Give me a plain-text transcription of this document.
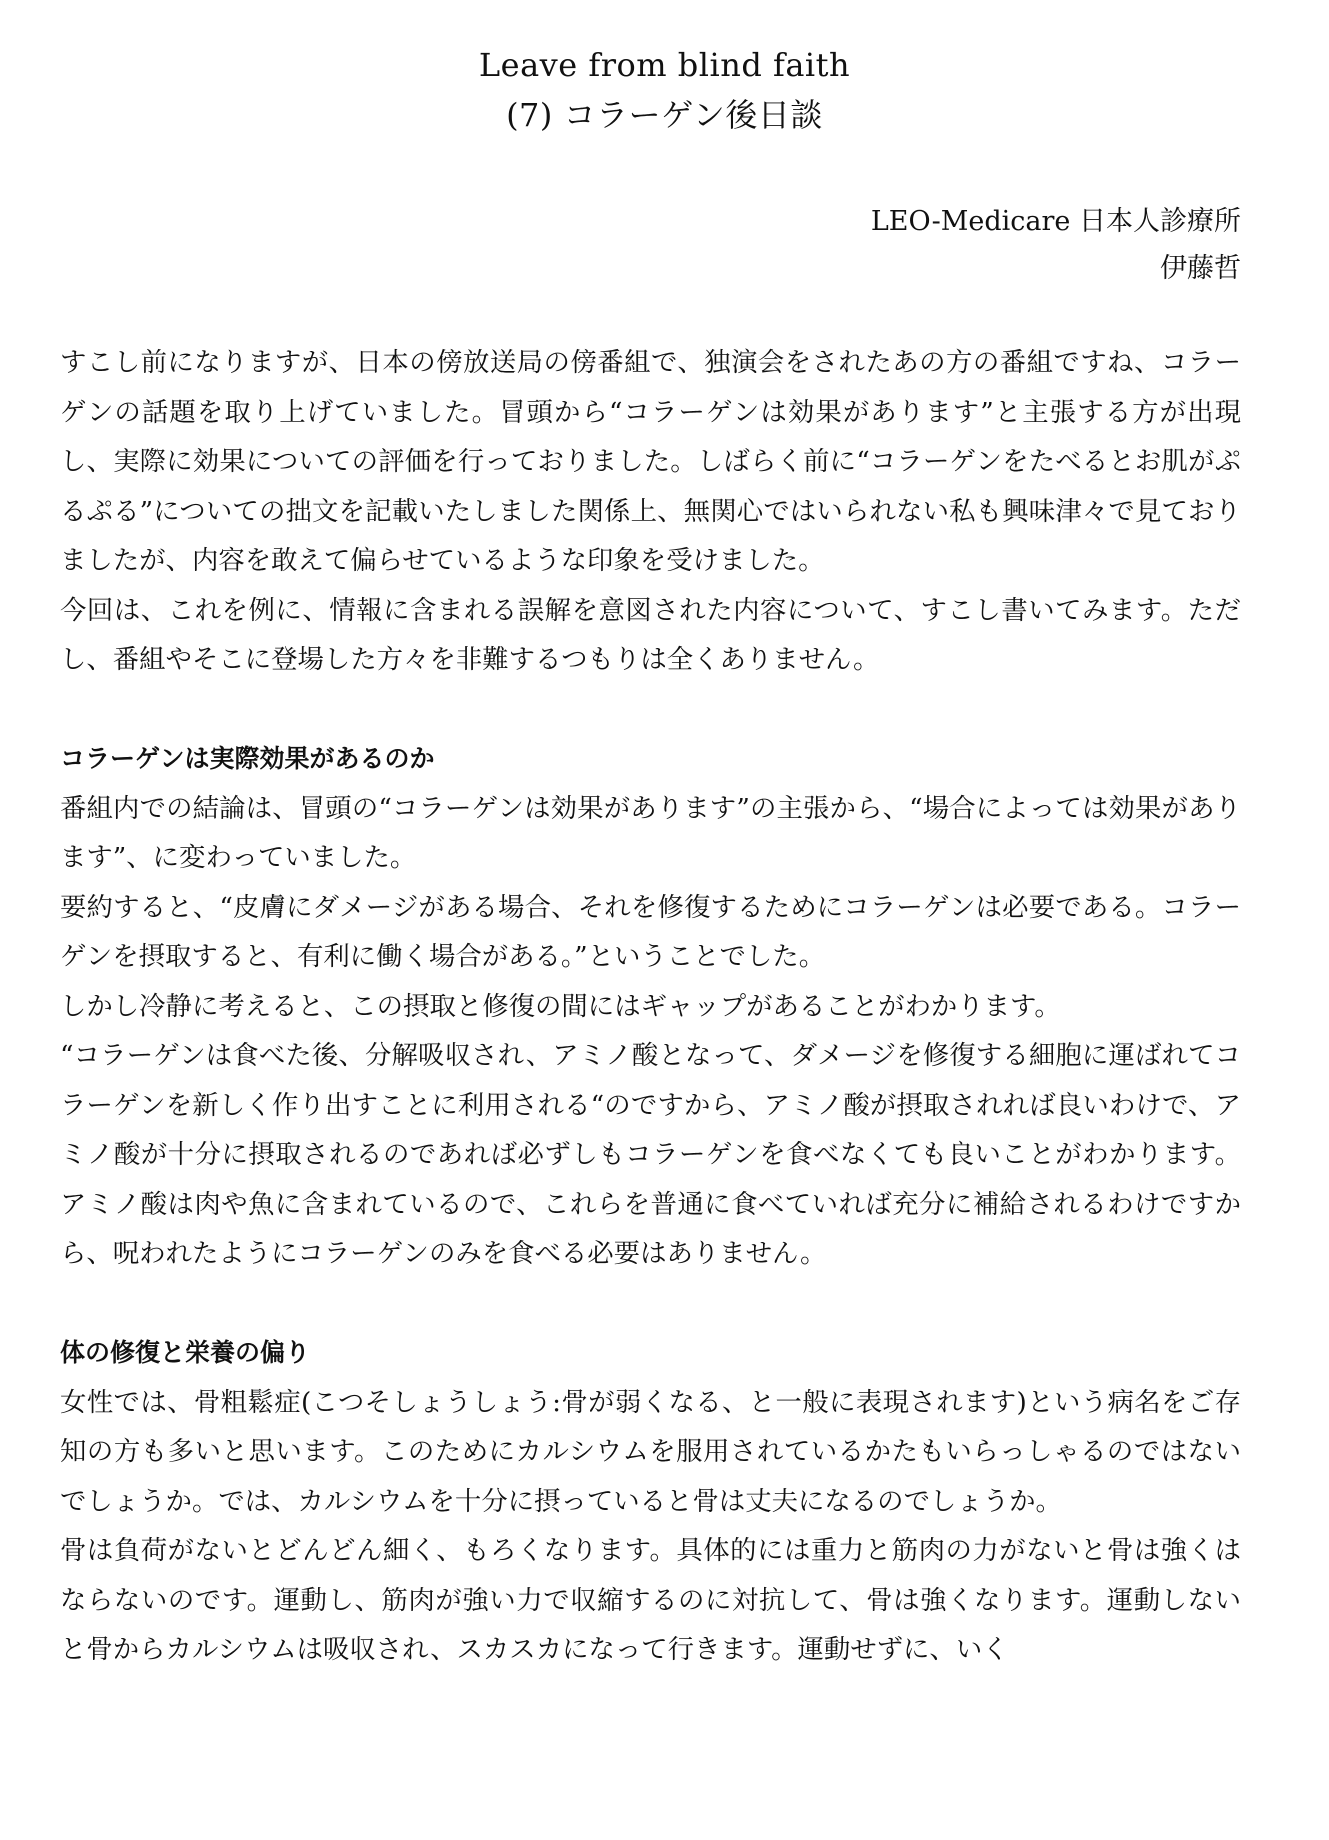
Leave from blind faith
(7) コラーゲン後日談
LEO-Medicare 日本人診療所
伊藤哲

すこし前になりますが、日本の傍放送局の傍番組で、独演会をされたあの方の番組ですね、コラーゲンの話題を取り上げていました。冒頭から“コラーゲンは効果があります”と主張する方が出現し、実際に効果についての評価を行っておりました。しばらく前に“コラーゲンをたべるとお肌がぷるぷる”についての拙文を記載いたしました関係上、無関心ではいられない私も興味津々で見ておりましたが、内容を敢えて偏らせているような印象を受けました。

今回は、これを例に、情報に含まれる誤解を意図された内容について、すこし書いてみます。ただし、番組やそこに登場した方々を非難するつもりは全くありません。

コラーゲンは実際効果があるのか

番組内での結論は、冒頭の“コラーゲンは効果があります”の主張から、“場合によっては効果があります”、に変わっていました。

要約すると、“皮膚にダメージがある場合、それを修復するためにコラーゲンは必要である。コラーゲンを摂取すると、有利に働く場合がある。”ということでした。

しかし冷静に考えると、この摂取と修復の間にはギャップがあることがわかります。

“コラーゲンは食べた後、分解吸収され、アミノ酸となって、ダメージを修復する細胞に運ばれてコラーゲンを新しく作り出すことに利用される“のですから、アミノ酸が摂取されれば良いわけで、アミノ酸が十分に摂取されるのであれば必ずしもコラーゲンを食べなくても良いことがわかります。アミノ酸は肉や魚に含まれているので、これらを普通に食べていれば充分に補給されるわけですから、呪われたようにコラーゲンのみを食べる必要はありません。

体の修復と栄養の偏り

女性では、骨粗鬆症(こつそしょうしょう:骨が弱くなる、と一般に表現されます)という病名をご存知の方も多いと思います。このためにカルシウムを服用されているかたもいらっしゃるのではないでしょうか。では、カルシウムを十分に摂っていると骨は丈夫になるのでしょうか。

骨は負荷がないとどんどん細く、もろくなります。具体的には重力と筋肉の力がないと骨は強くはならないのです。運動し、筋肉が強い力で収縮するのに対抗して、骨は強くなります。運動しないと骨からカルシウムは吸収され、スカスカになって行きます。運動せずに、いく
